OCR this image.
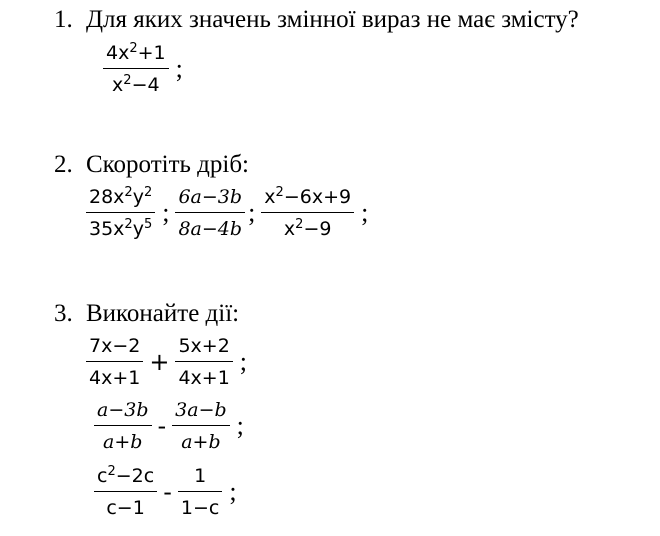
1. Для яких значень змінної вираз не має змісту?
$\frac{4x^2+1}{x^2-4}$ ;
2. Скоротіть дріб:
$\frac{28x^2y^2}{35x^2y^5}$ ; $\frac{6a-3b}{8a-4b}$ ; $\frac{x^2-6x+9}{x^2-9}$ ;
3. Виконайте дії:
$\frac{7x-2}{4x+1} + \frac{5x+2}{4x+1}$ ;
$\frac{a-3b}{a+b} - \frac{3a-b}{a+b}$ ;
$\frac{c^2-2c}{c-1} - \frac{1}{1-c}$ ;
